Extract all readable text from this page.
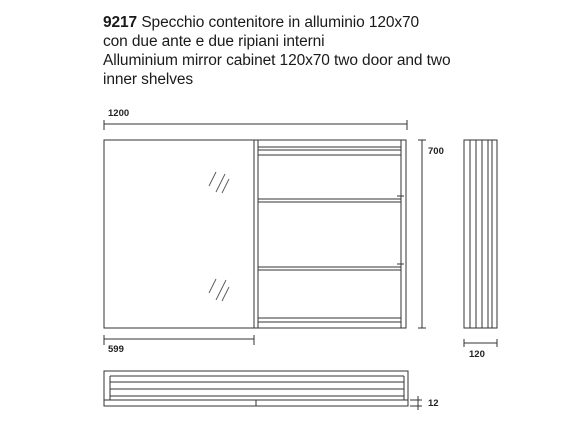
9217 Specchio contenitore in alluminio 120x70
con due ante e due ripiani interni
Alluminium mirror cabinet 120x70 two door and two
inner shelves
1200
700
599	120
12
